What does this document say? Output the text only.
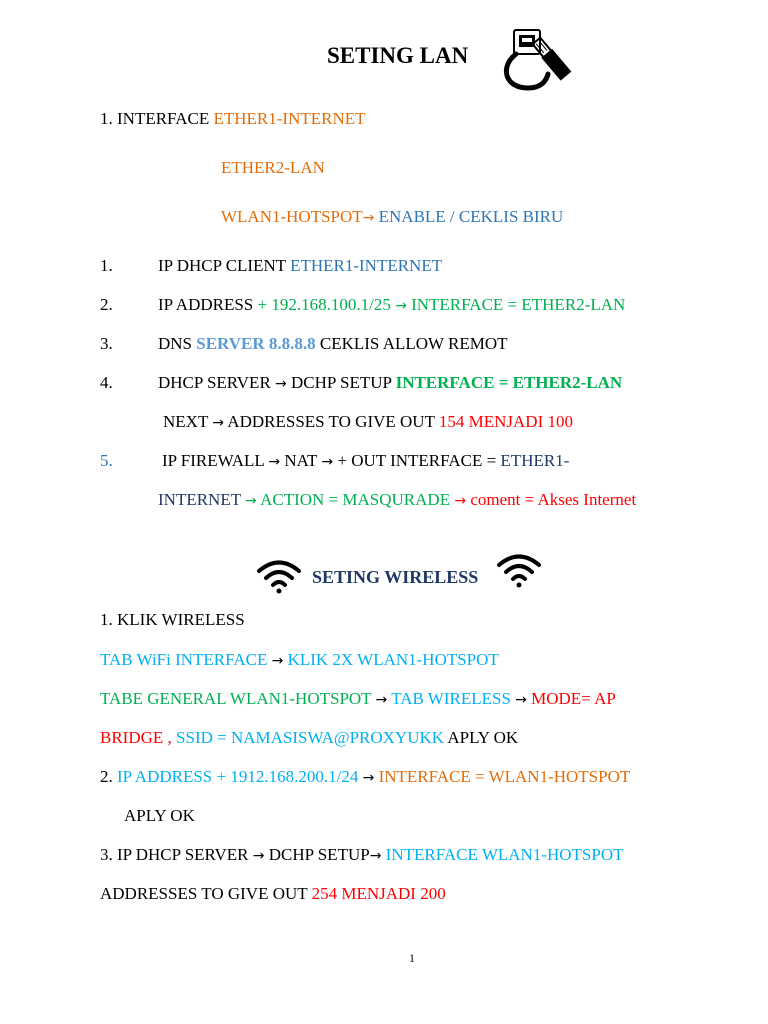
SETING LAN
1. INTERFACE ETHER1-INTERNET
ETHER2-LAN
WLAN1-HOTSPOT→ ENABLE / CEKLIS BIRU
1.	IP DHCP CLIENT ETHER1-INTERNET
2.	IP ADDRESS + 192.168.100.1/25 → INTERFACE = ETHER2-LAN
3.	DNS SERVER 8.8.8.8 CEKLIS ALLOW REMOT
4.	DHCP SERVER → DCHP SETUP INTERFACE = ETHER2-LAN
NEXT → ADDRESSES TO GIVE OUT 154 MENJADI 100
5.	IP FIREWALL → NAT → + OUT INTERFACE = ETHER1-
INTERNET → ACTION = MASQURADE → coment = Akses Internet
SETING WIRELESS
1. KLIK WIRELESS
TAB WiFi INTERFACE → KLIK 2X WLAN1-HOTSPOT
TABE GENERAL WLAN1-HOTSPOT → TAB WIRELESS → MODE= AP
BRIDGE , SSID = NAMASISWA@PROXYUKK APLY OK
2. IP ADDRESS + 1912.168.200.1/24 → INTERFACE = WLAN1-HOTSPOT
APLY OK
3. IP DHCP SERVER → DCHP SETUP→ INTERFACE WLAN1-HOTSPOT
ADDRESSES TO GIVE OUT 254 MENJADI 200
1
